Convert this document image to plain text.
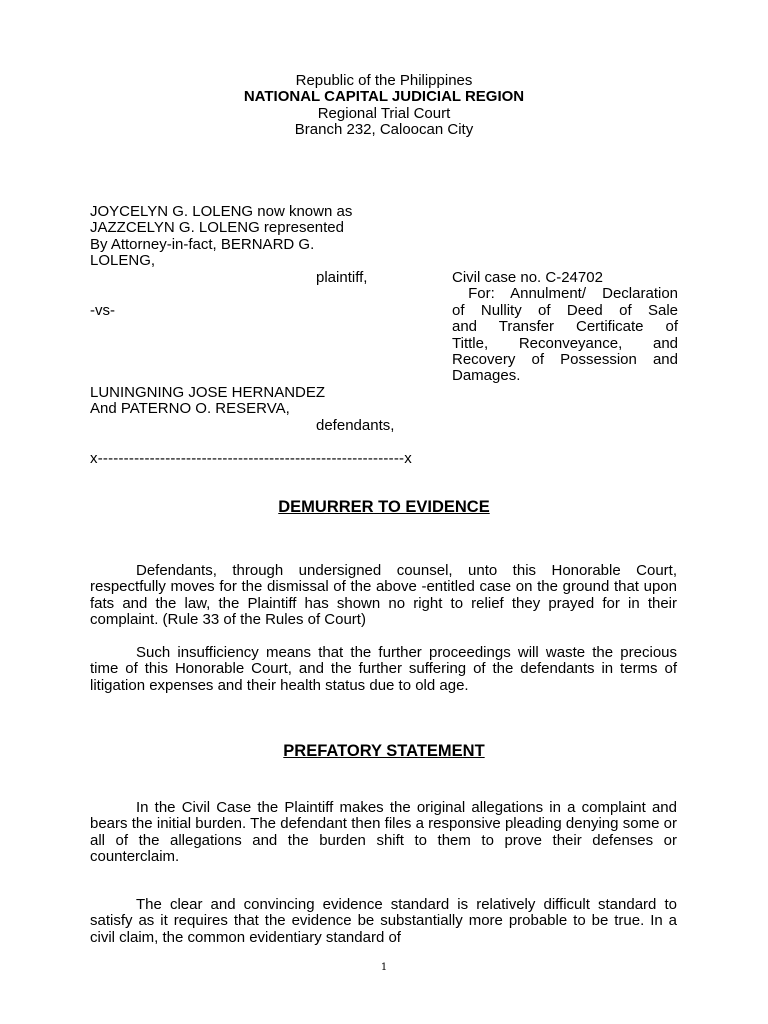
Republic of the Philippines
NATIONAL CAPITAL JUDICIAL REGION
Regional Trial Court
Branch 232, Caloocan City
JOYCELYN G. LOLENG now known as
JAZZCELYN G. LOLENG represented
By Attorney-in-fact, BERNARD G.
LOLENG,
plaintiff,
-vs-
Civil case no. C-24702
For: Annulment/ Declaration
of Nullity of Deed of Sale
and Transfer Certificate of
Tittle, Reconveyance, and
Recovery of Possession and
Damages.
LUNINGNING JOSE HERNANDEZ
And PATERNO O. RESERVA,
defendants,
x-----------------------------------------------------------x
DEMURRER TO EVIDENCE
Defendants, through undersigned counsel, unto this Honorable Court, respectfully moves for the dismissal of the above -entitled case on the ground that upon fats and the law, the Plaintiff has shown no right to relief they prayed for in their complaint. (Rule 33 of the Rules of Court)
Such insufficiency means that the further proceedings will waste the precious time of this Honorable Court, and the further suffering of the defendants in terms of litigation expenses and their health status due to old age.
PREFATORY STATEMENT
In the Civil Case the Plaintiff makes the original allegations in a complaint and bears the initial burden. The defendant then files a responsive pleading denying some or all of the allegations and the burden shift to them to prove their defenses or counterclaim.
The clear and convincing evidence standard is relatively difficult standard to satisfy as it requires that the evidence be substantially more probable to be true. In a civil claim, the common evidentiary standard of
1
